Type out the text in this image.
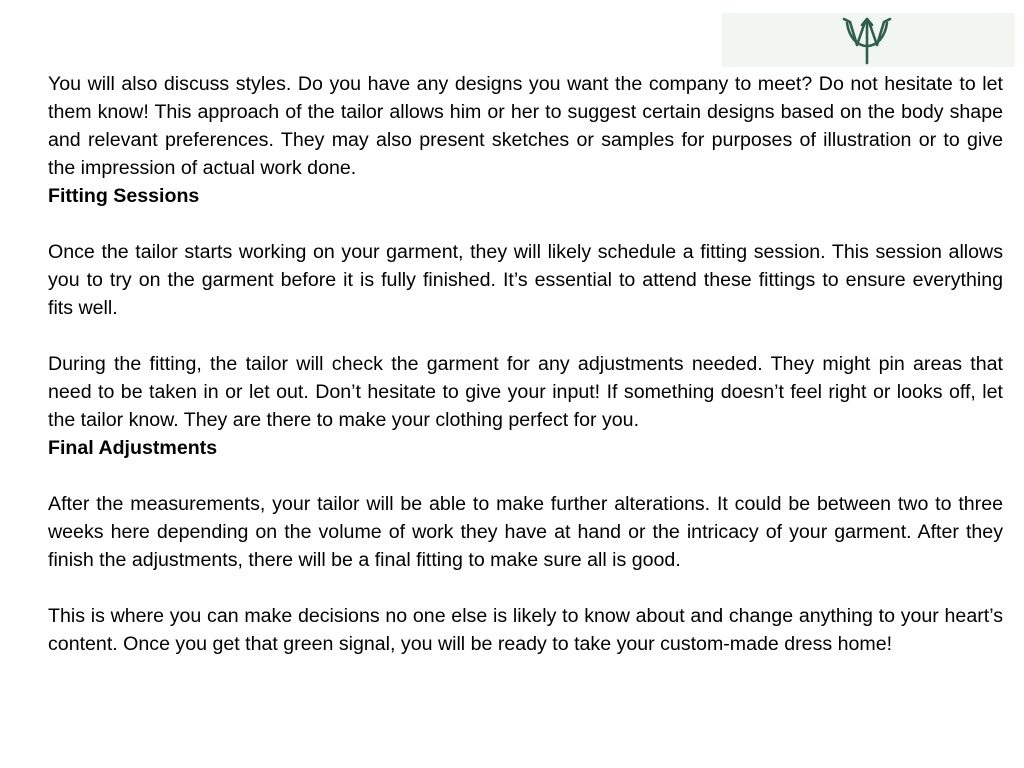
You will also discuss styles. Do you have any designs you want the company to meet? Do not hesitate to let them know! This approach of the tailor allows him or her to suggest certain designs based on the body shape and relevant preferences. They may also present sketches or samples for purposes of illustration or to give the impression of actual work done.

Fitting Sessions

Once the tailor starts working on your garment, they will likely schedule a fitting session. This session allows you to try on the garment before it is fully finished. It’s essential to attend these fittings to ensure everything fits well.

During the fitting, the tailor will check the garment for any adjustments needed. They might pin areas that need to be taken in or let out. Don’t hesitate to give your input! If something doesn’t feel right or looks off, let the tailor know. They are there to make your clothing perfect for you.

Final Adjustments

After the measurements, your tailor will be able to make further alterations. It could be between two to three weeks here depending on the volume of work they have at hand or the intricacy of your garment. After they finish the adjustments, there will be a final fitting to make sure all is good.

This is where you can make decisions no one else is likely to know about and change anything to your heart’s content. Once you get that green signal, you will be ready to take your custom-made dress home!
